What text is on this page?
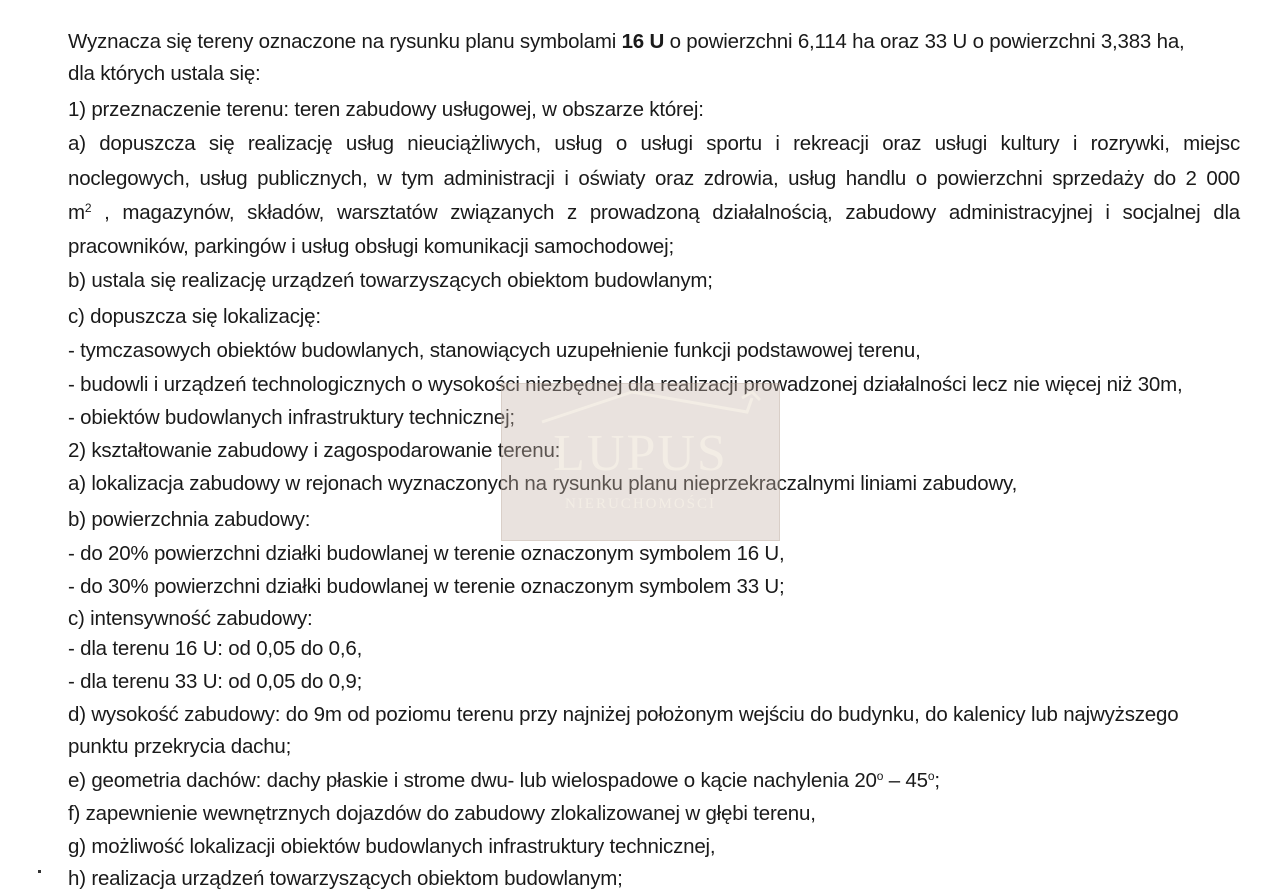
Wyznacza się tereny oznaczone na rysunku planu symbolami 16 U o powierzchni 6,114 ha oraz 33 U o powierzchni 3,383 ha,
dla których ustala się:
1) przeznaczenie terenu: teren zabudowy usługowej, w obszarze której:
a) dopuszcza się realizację usług nieuciążliwych, usług o usługi sportu i rekreacji oraz usługi kultury i rozrywki, miejsc
noclegowych, usług publicznych, w tym administracji i oświaty oraz zdrowia, usług handlu o powierzchni sprzedaży do 2 000
$m^2$ , magazynów, składów, warsztatów związanych z prowadzoną działalnością, zabudowy administracyjnej i socjalnej dla
pracowników, parkingów i usług obsługi komunikacji samochodowej;
b) ustala się realizację urządzeń towarzyszących obiektom budowlanym;
c) dopuszcza się lokalizację:
- tymczasowych obiektów budowlanych, stanowiących uzupełnienie funkcji podstawowej terenu,
- budowli i urządzeń technologicznych o wysokości niezbędnej dla realizacji prowadzonej działalności lecz nie więcej niż 30m,
- obiektów budowlanych infrastruktury technicznej;
2) kształtowanie zabudowy i zagospodarowanie terenu:
a) lokalizacja zabudowy w rejonach wyznaczonych na rysunku planu nieprzekraczalnymi liniami zabudowy,
b) powierzchnia zabudowy:
- do 20% powierzchni działki budowlanej w terenie oznaczonym symbolem 16 U,
- do 30% powierzchni działki budowlanej w terenie oznaczonym symbolem 33 U;
c) intensywność zabudowy:
- dla terenu 16 U: od 0,05 do 0,6,
- dla terenu 33 U: od 0,05 do 0,9;
d) wysokość zabudowy: do 9m od poziomu terenu przy najniżej położonym wejściu do budynku, do kalenicy lub najwyższego
punktu przekrycia dachu;
e) geometria dachów: dachy płaskie i strome dwu- lub wielospadowe o kącie nachylenia 20$^o$ – 45$^o$;
f) zapewnienie wewnętrznych dojazdów do zabudowy zlokalizowanej w głębi terenu,
g) możliwość lokalizacji obiektów budowlanych infrastruktury technicznej,
h) realizacja urządzeń towarzyszących obiektom budowlanym;
LUPUS
NIERUCHOMOŚCI
